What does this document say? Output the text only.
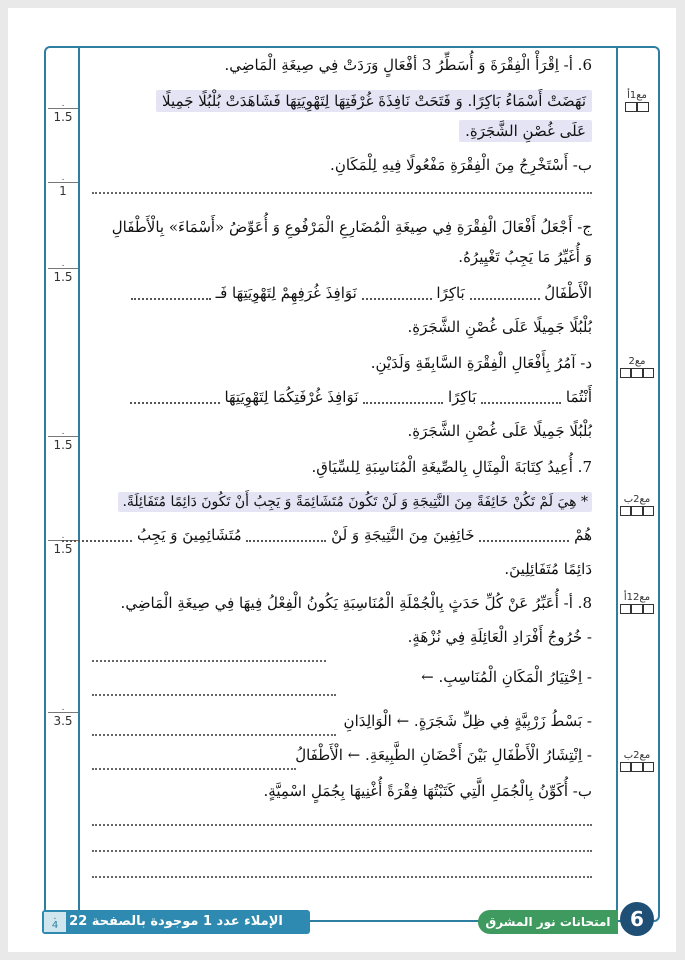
.
1.5
.
1
.
1.5
.
1.5
.
1.5
.
3.5
مع1أ
مع2
مع2ب
مع12أ
مع2ب
6. أ- اِقْرَأْ الْفِقْرَةَ وَ أُسَطِّرُ 3 أفْعَالٍ وَرَدَتْ فِي صِيغَةِ الْمَاضِي.
نَهَضَتْ أَسْمَاءُ بَاكِرًا. وَ فَتَحَتْ نَافِذَةَ غُرْفَتِهَا لِتَهْوِيَتِهَا فَشَاهَدَتْ بُلْبُلًا جَمِيلًا
عَلَى غُصْنِ الشَّجَرَةِ.
ب- أَسْتَخْرِجُ مِنَ الْفِقْرَةِ مَفْعُولًا فِيهِ لِلْمَكَانِ.
ج- أَجْعَلُ أَفْعَالَ الْفِقْرَةِ فِي صِيغَةِ الْمُضَارِعِ الْمَرْفُوعِ وَ أُعَوِّضُ «أَسْمَاءَ» بِالْأَطْفَالِ
وَ أُغَيِّرُ مَا يَجِبُ تَغْيِيرُهُ.
الْأَطْفَالُ  بَاكِرًا  نَوَافِذَ غُرَفِهِمْ لِتَهْوِيَتِهَا فَـ
بُلْبُلًا جَمِيلًا عَلَى غُصْنِ الشَّجَرَةِ.
د- آمُرُ بِأَفْعَالِ الْفِقْرَةِ السَّابِقَةِ وَلَدَيْنِ.
أَنْتُمَا  بَاكِرًا  نَوَافِذَ غُرْفَتِكُمَا لِتَهْوِيَتِهَا
بُلْبُلًا جَمِيلًا عَلَى غُصْنِ الشَّجَرَةِ.
7. أُعِيدُ كِتَابَةَ الْمِثَالِ بِالصِّيغَةِ الْمُنَاسِبَةِ لِلسِّيَاقِ.
* هِيَ لَمْ تَكُنْ خَائِفَةً مِنَ النَّتِيجَةِ وَ لَنْ تَكُونَ مُتَشَائِمَةً وَ يَجِبُ أَنْ تَكُونَ دَائِمًا مُتَفَائِلَةً.
هُمْ  خَائِفِينَ مِنَ النَّتِيجَةِ وَ لَنْ  مُتَشَائِمِينَ وَ يَجِبُ
دَائِمًا مُتَفَائِلِينَ.
8. أ- أُعَبِّرُ عَنْ كُلِّ حَدَثٍ بِالْجُمْلَةِ الْمُنَاسِبَةِ يَكُونُ الْفِعْلُ فِيهَا فِي صِيغَةِ الْمَاضِي.
- خُرُوجُ أَفْرَادِ الْعَائِلَةِ فِي نُزْهَةٍ.
- اِخْتِيَارُ الْمَكَانِ الْمُنَاسِبِ. ←
- بَسْطُ زَرْبِيَّةٍ فِي ظِلِّ شَجَرَةٍ. ← الْوَالِدَانِ
- اِنْتِشَارُ الْأَطْفَالِ بَيْنَ أَحْضَانِ الطَّبِيعَةِ. ← الْأَطْفَالُ
ب- أُكَوِّنُ بِالْجُمَلِ الَّتِي كَتَبْتُهَا فِقْرَةً أُغْنِيهَا بِجُمَلٍ اسْمِيَّةٍ.
الإملاء عدد 1 موجودة بالصفحة 22
.
4	امتحانات نور المشرق 6
